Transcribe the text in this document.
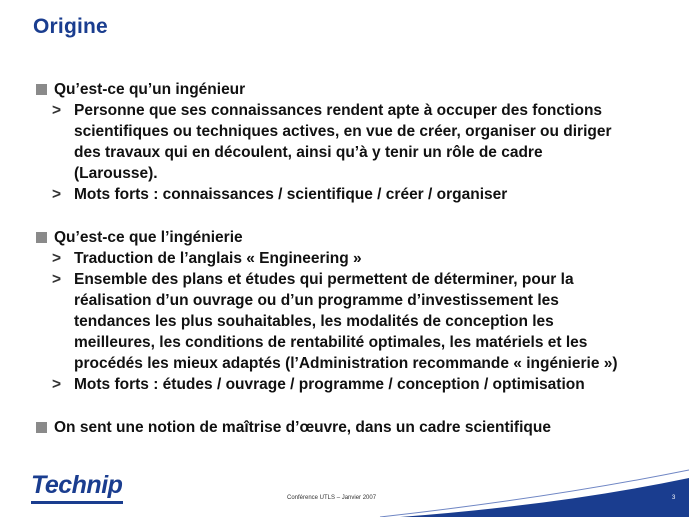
Origine
Qu’est-ce qu’un ingénieur
> Personne que ses connaissances rendent apte à occuper des fonctions
scientifiques ou techniques actives, en vue de créer, organiser ou diriger
des travaux qui en découlent, ainsi qu’à y tenir un rôle de cadre
(Larousse).
> Mots forts : connaissances / scientifique / créer / organiser
Qu’est-ce que l’ingénierie
> Traduction de l’anglais « Engineering »
> Ensemble des plans et études qui permettent de déterminer, pour la
réalisation d’un ouvrage ou d’un programme d’investissement les
tendances les plus souhaitables, les modalités de conception les
meilleures, les conditions de rentabilité optimales, les matériels et les
procédés les mieux adaptés (l’Administration recommande « ingénierie »)
> Mots forts : études / ouvrage / programme / conception / optimisation
On sent une notion de maîtrise d’œuvre, dans un cadre scientifique
Technip	Conférence UTLS – Janvier 2007	3
